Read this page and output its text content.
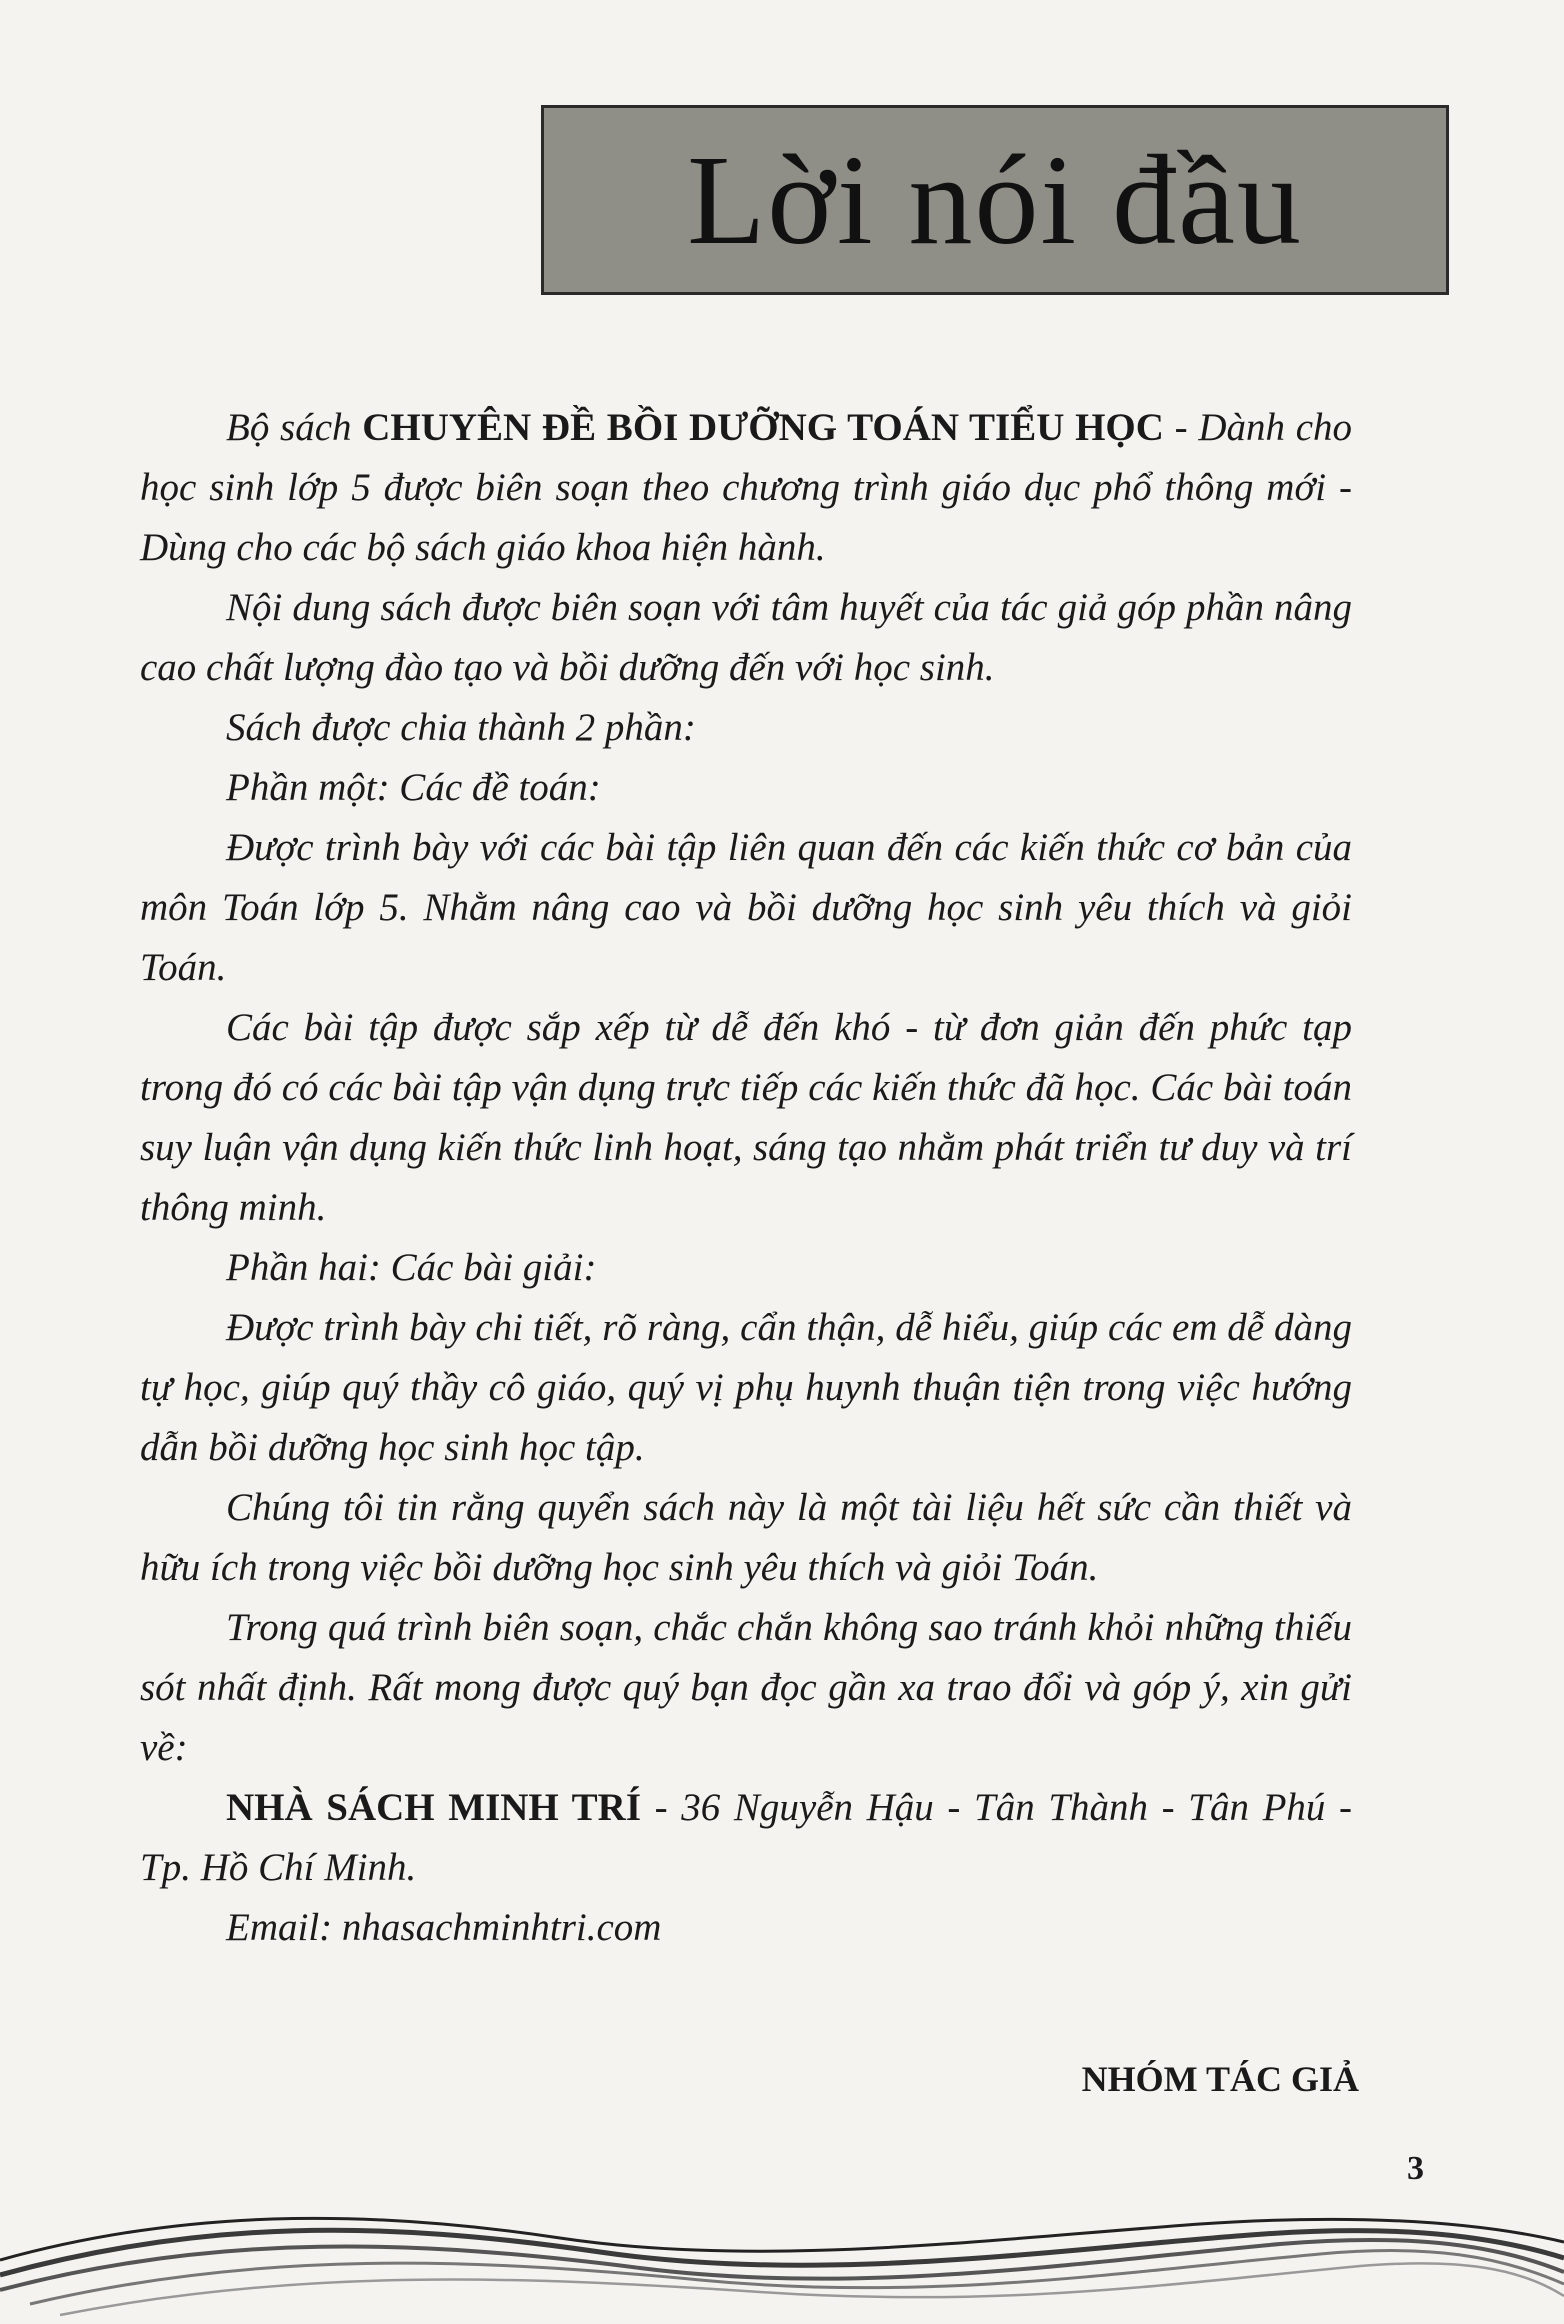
Lời nói đầu

Bộ sách CHUYÊN ĐỀ BỒI DƯỠNG TOÁN TIỂU HỌC - Dành cho học sinh lớp 5 được biên soạn theo chương trình giáo dục phổ thông mới - Dùng cho các bộ sách giáo khoa hiện hành.

Nội dung sách được biên soạn với tâm huyết của tác giả góp phần nâng cao chất lượng đào tạo và bồi dưỡng đến với học sinh.

Sách được chia thành 2 phần:

Phần một: Các đề toán:

Được trình bày với các bài tập liên quan đến các kiến thức cơ bản của môn Toán lớp 5. Nhằm nâng cao và bồi dưỡng học sinh yêu thích và giỏi Toán.

Các bài tập được sắp xếp từ dễ đến khó - từ đơn giản đến phức tạp trong đó có các bài tập vận dụng trực tiếp các kiến thức đã học. Các bài toán suy luận vận dụng kiến thức linh hoạt, sáng tạo nhằm phát triển tư duy và trí thông minh.

Phần hai: Các bài giải:

Được trình bày chi tiết, rõ ràng, cẩn thận, dễ hiểu, giúp các em dễ dàng tự học, giúp quý thầy cô giáo, quý vị phụ huynh thuận tiện trong việc hướng dẫn bồi dưỡng học sinh học tập.

Chúng tôi tin rằng quyển sách này là một tài liệu hết sức cần thiết và hữu ích trong việc bồi dưỡng học sinh yêu thích và giỏi Toán.

Trong quá trình biên soạn, chắc chắn không sao tránh khỏi những thiếu sót nhất định. Rất mong được quý bạn đọc gần xa trao đổi và góp ý, xin gửi về:

NHÀ SÁCH MINH TRÍ - 36 Nguyễn Hậu - Tân Thành - Tân Phú - Tp. Hồ Chí Minh.

Email: nhasachminhtri.com

NHÓM TÁC GIẢ
3
